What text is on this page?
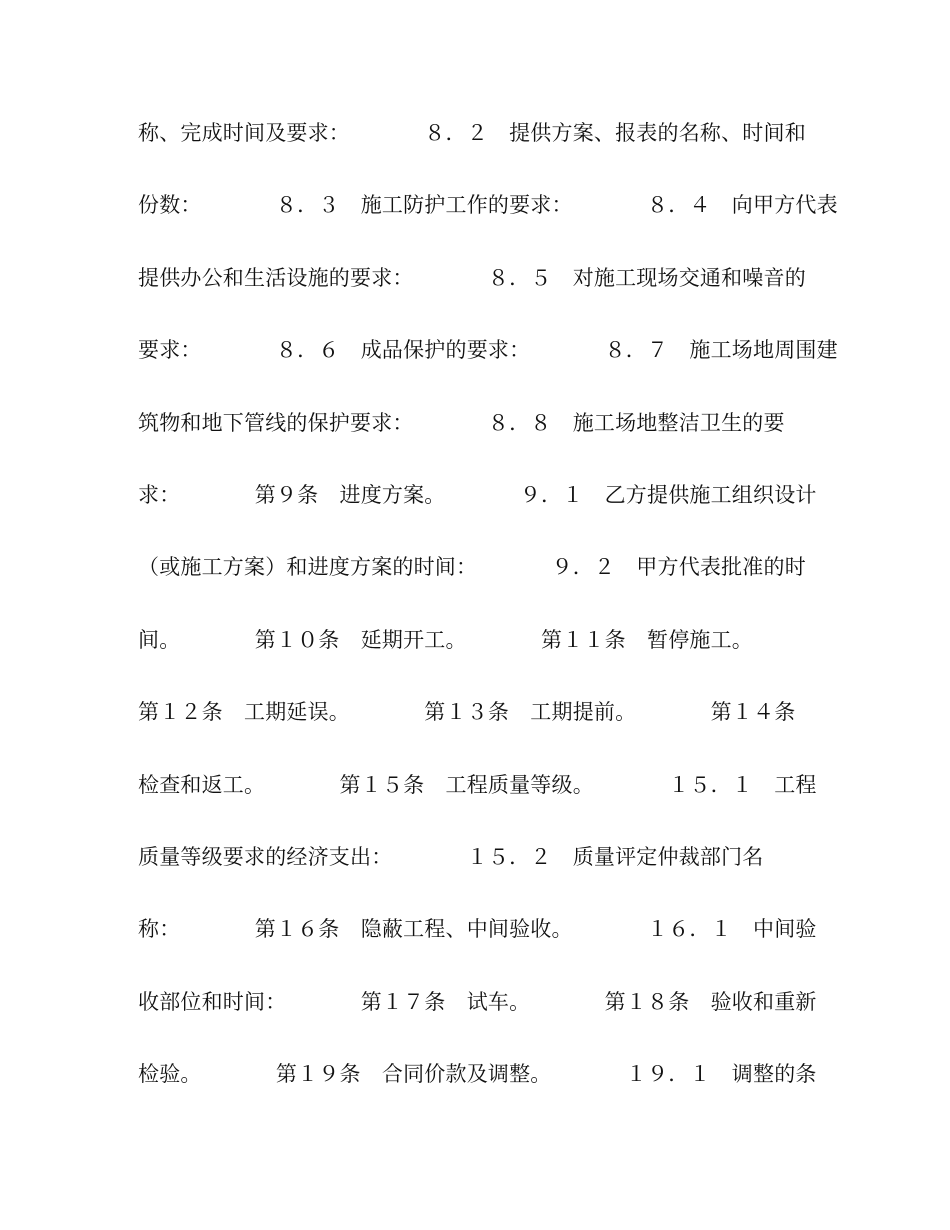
称、完成时间及要求：　　　　８．２　提供方案、报表的名称、时间和
份数：　　　　８．３　施工防护工作的要求：　　　　８．４　向甲方代表
提供办公和生活设施的要求：　　　　８．５　对施工现场交通和噪音的
要求：　　　　８．６　成品保护的要求：　　　　８．７　施工场地周围建
筑物和地下管线的保护要求：　　　　８．８　施工场地整洁卫生的要
求：　　　　第９条　进度方案。　　　　９．１　乙方提供施工组织设计
（或施工方案）和进度方案的时间：　　　　９．２　甲方代表批准的时
间。　　　　第１０条　延期开工。　　　　第１１条　暂停施工。
第１２条　工期延误。　　　　第１３条　工期提前。　　　　第１４条
检查和返工。　　　　第１５条　工程质量等级。　　　　１５．１　工程
质量等级要求的经济支出：　　　　１５．２　质量评定仲裁部门名
称：　　　　第１６条　隐蔽工程、中间验收。　　　　１６．１　中间验
收部位和时间：　　　　第１７条　试车。　　　　第１８条　验收和重新
检验。　　　　第１９条　合同价款及调整。　　　　１９．１　调整的条
